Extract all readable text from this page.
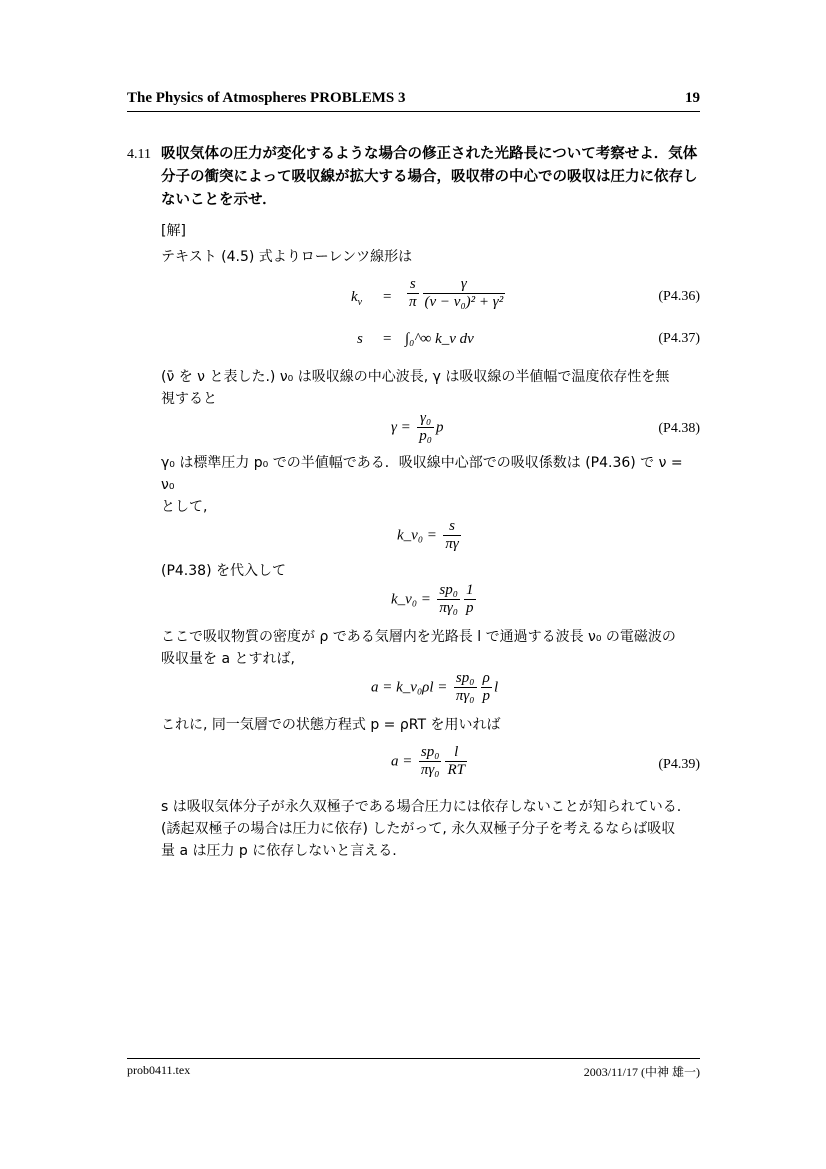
The Physics of Atmospheres PROBLEMS 3	19
4.11 吸収気体の圧力が変化するような場合の修正された光路長について考察せよ．気体
分子の衝突によって吸収線が拡大する場合，吸収帯の中心での吸収は圧力に依存し
ないことを示せ．
[解]
テキスト (4.5) 式よりローレンツ線形は
$k_\nu = \frac{s}{\pi} \frac{\gamma}{\text{(ν − ν₀)² + γ²}}$	(P4.36)
s = ∫₀^∞ k_ν dν	(P4.37)
(ν̄ を ν と表した.) ν₀ は吸収線の中心波長, γ は吸収線の半値幅で温度依存性を無
視すると
$\gamma = \frac{\text{γ₀}}{\text{p₀}}$ p	(P4.38)
γ₀ は標準圧力 p₀ での半値幅である．吸収線中心部での吸収係数は (P4.36) で ν = ν₀
として,
k_ν₀ = $\frac{s}{\pi\gamma}$
(P4.38) を代入して
k_ν₀ = $\frac{\text{sp₀}}{\text{πγ₀}} \frac{1}{p}$
ここで吸収物質の密度が ρ である気層内を光路長 l で通過する波長 ν₀ の電磁波の
吸収量を a とすれば,
a = k_ν₀ρl = $\frac{\text{sp₀}}{\text{πγ₀}} \frac{\rho}{p}$ l
これに, 同一気層での状態方程式 p = ρRT を用いれば
$a = \frac{\text{sp₀}}{\text{πγ₀}} \frac{l}{RT}$	(P4.39)
s は吸収気体分子が永久双極子である場合圧力には依存しないことが知られている.
(誘起双極子の場合は圧力に依存) したがって, 永久双極子分子を考えるならば吸収
量 a は圧力 p に依存しないと言える.
prob0411.tex	2003/11/17 (中神 雄一)
